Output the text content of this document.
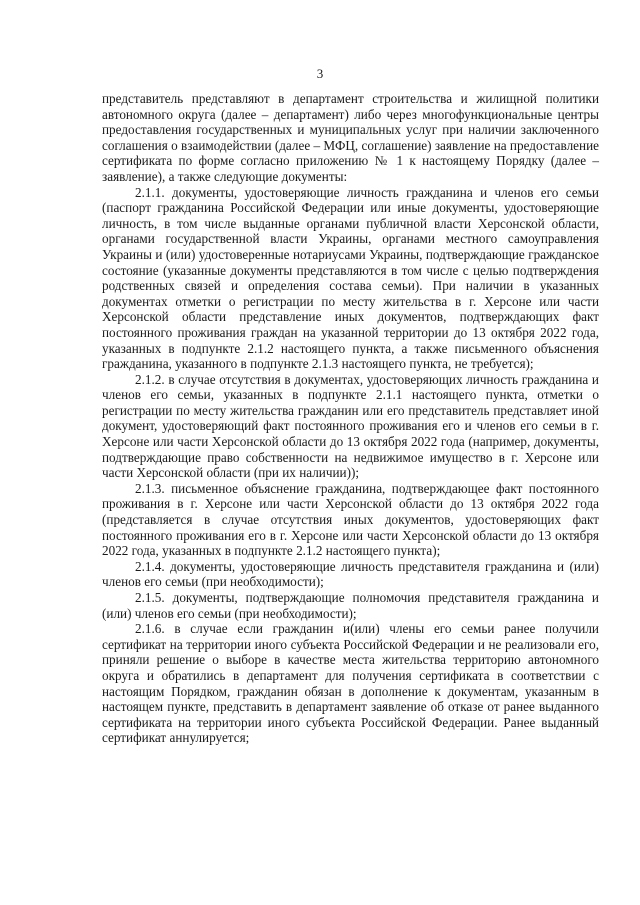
3

представитель представляют в департамент строительства и жилищной политики автономного округа (далее – департамент) либо через многофункциональные центры предоставления государственных и муниципальных услуг при наличии заключенного соглашения о взаимодействии (далее – МФЦ, соглашение) заявление на предоставление сертификата по форме согласно приложению № 1 к настоящему Порядку (далее – заявление), а также следующие документы:

2.1.1. документы, удостоверяющие личность гражданина и членов его семьи (паспорт гражданина Российской Федерации или иные документы, удостоверяющие личность, в том числе выданные органами публичной власти Херсонской области, органами государственной власти Украины, органами местного самоуправления Украины и (или) удостоверенные нотариусами Украины, подтверждающие гражданское состояние (указанные документы представляются в том числе с целью подтверждения родственных связей и определения состава семьи). При наличии в указанных документах отметки о регистрации по месту жительства в г. Херсоне или части Херсонской области представление иных документов, подтверждающих факт постоянного проживания граждан на указанной территории до 13 октября 2022 года, указанных в подпункте 2.1.2 настоящего пункта, а также письменного объяснения гражданина, указанного в подпункте 2.1.3 настоящего пункта, не требуется);

2.1.2. в случае отсутствия в документах, удостоверяющих личность гражданина и членов его семьи, указанных в подпункте 2.1.1 настоящего пункта, отметки о регистрации по месту жительства гражданин или его представитель представляет иной документ, удостоверяющий факт постоянного проживания его и членов его семьи в г. Херсоне или части Херсонской области до 13 октября 2022 года (например, документы, подтверждающие право собственности на недвижимое имущество в г. Херсоне или части Херсонской области (при их наличии));

2.1.3. письменное объяснение гражданина, подтверждающее факт постоянного проживания в г. Херсоне или части Херсонской области до 13 октября 2022 года (представляется в случае отсутствия иных документов, удостоверяющих факт постоянного проживания его в г. Херсоне или части Херсонской области до 13 октября 2022 года, указанных в подпункте 2.1.2 настоящего пункта);

2.1.4. документы, удостоверяющие личность представителя гражданина и (или) членов его семьи (при необходимости);

2.1.5. документы, подтверждающие полномочия представителя гражданина и (или) членов его семьи (при необходимости);

2.1.6. в случае если гражданин и(или) члены его семьи ранее получили сертификат на территории иного субъекта Российской Федерации и не реализовали его, приняли решение о выборе в качестве места жительства территорию автономного округа и обратились в департамент для получения сертификата в соответствии с настоящим Порядком, гражданин обязан в дополнение к документам, указанным в настоящем пункте, представить в департамент заявление об отказе от ранее выданного сертификата на территории иного субъекта Российской Федерации. Ранее выданный сертификат аннулируется;
